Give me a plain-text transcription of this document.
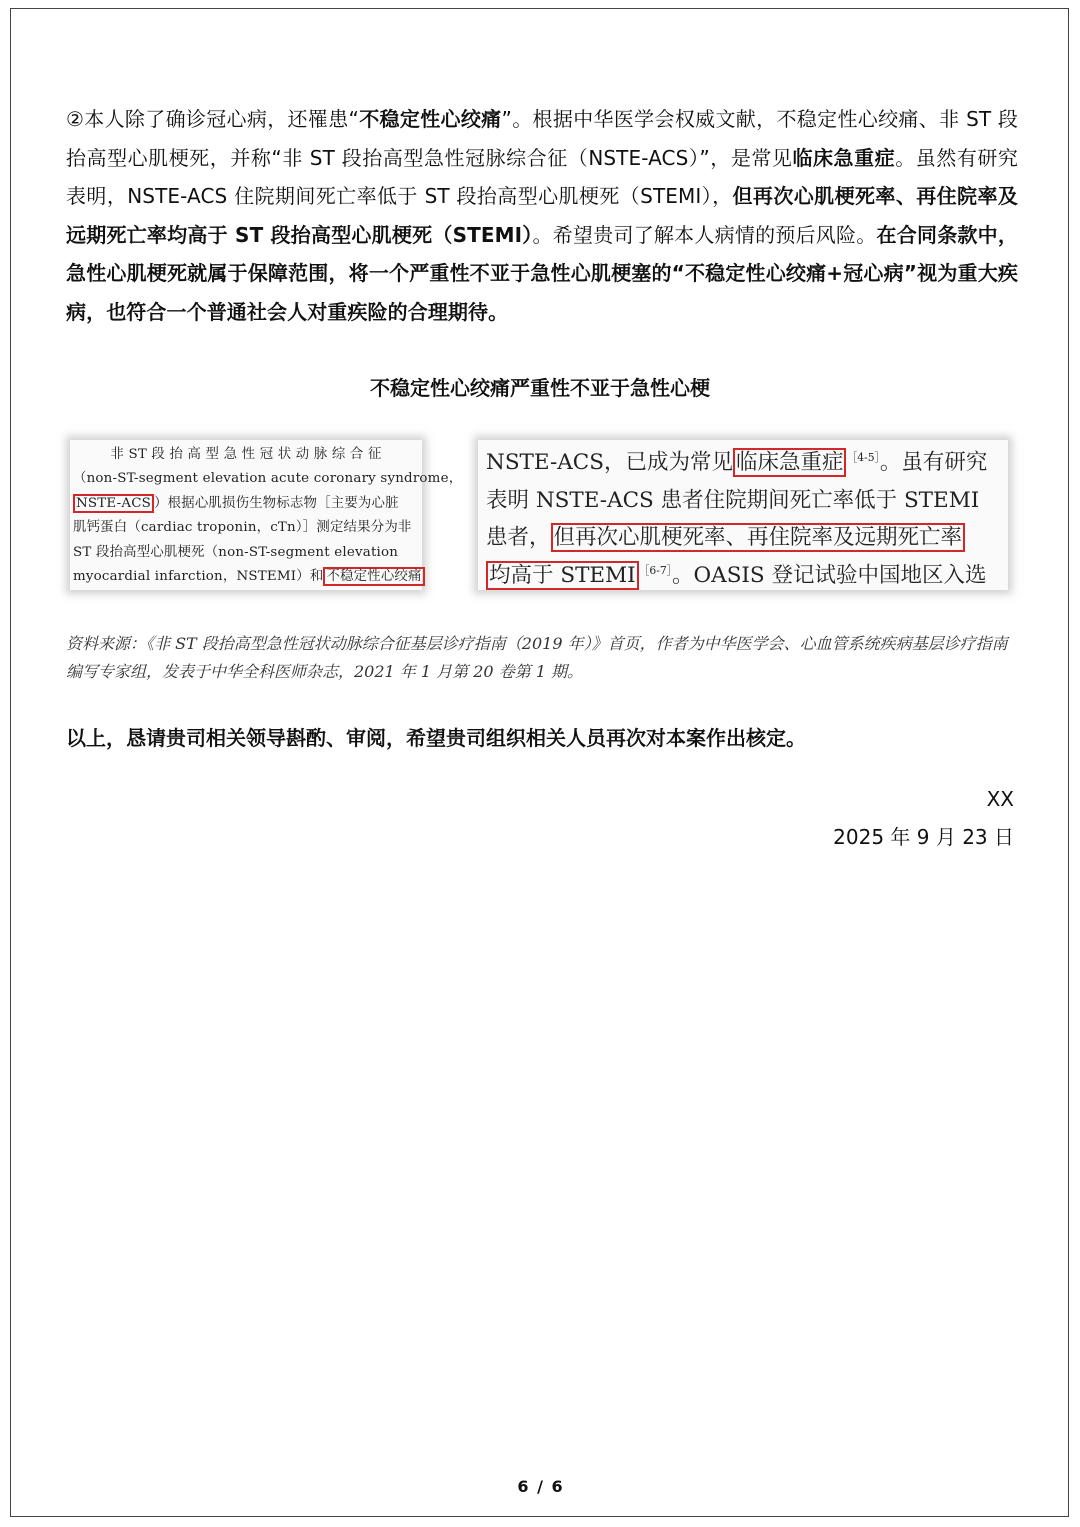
②本人除了确诊冠心病，还罹患“不稳定性心绞痛”。根据中华医学会权威文献，不稳定性心绞痛、非 ST 段抬高型心肌梗死，并称“非 ST 段抬高型急性冠脉综合征（NSTE-ACS）”，是常见临床急重症。虽然有研究表明，NSTE-ACS 住院期间死亡率低于 ST 段抬高型心肌梗死（STEMI），但再次心肌梗死率、再住院率及远期死亡率均高于 ST 段抬高型心肌梗死（STEMI）。希望贵司了解本人病情的预后风险。在合同条款中，急性心肌梗死就属于保障范围，将一个严重性不亚于急性心肌梗塞的“不稳定性心绞痛+冠心病”视为重大疾病，也符合一个普通社会人对重疾险的合理期待。
不稳定性心绞痛严重性不亚于急性心梗
非 ST 段 抬 高 型 急 性 冠 状 动 脉 综 合 征
（non-ST-segment elevation acute coronary syndrome，
NSTE-ACS ）根据心肌损伤生物标志物［主要为心脏
肌钙蛋白（cardiac troponin，cTn）］测定结果分为非
ST 段抬高型心肌梗死（non-ST-segment elevation
myocardial infarction，NSTEMI）和 不稳定性心绞痛
NSTE-ACS，已成为常见 临床急重症 $^{[4-5]}$。虽有研究
表明 NSTE-ACS 患者住院期间死亡率低于 STEMI
患者， 但再次心肌梗死率、再住院率及远期死亡率
均高于 STEMI $^{[6-7]}$。OASIS 登记试验中国地区入选
资料来源：《非 ST 段抬高型急性冠状动脉综合征基层诊疗指南（2019 年）》首页，作者为中华医学会、心血管系统疾病基层诊疗指南编写专家组，发表于中华全科医师杂志，2021 年 1 月第 20 卷第 1 期。
以上，恳请贵司相关领导斟酌、审阅，希望贵司组织相关人员再次对本案作出核定。
XX
2025 年 9 月 23 日
6 / 6
